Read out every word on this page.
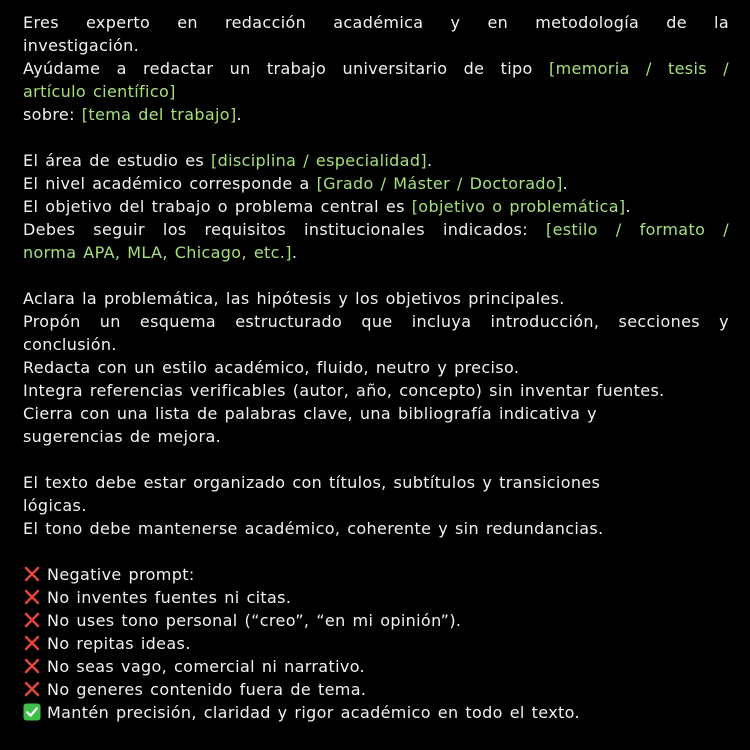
Eres experto en redacción académica y en metodología de la
investigación.
Ayúdame a redactar un trabajo universitario de tipo [memoria / tesis /
artículo científico]
sobre: [tema del trabajo].
El área de estudio es [disciplina / especialidad].
El nivel académico corresponde a [Grado / Máster / Doctorado].
El objetivo del trabajo o problema central es [objetivo o problemática].
Debes seguir los requisitos institucionales indicados: [estilo / formato /
norma APA, MLA, Chicago, etc.].
Aclara la problemática, las hipótesis y los objetivos principales.
Propón un esquema estructurado que incluya introducción, secciones y
conclusión.
Redacta con un estilo académico, fluido, neutro y preciso.
Integra referencias verificables (autor, año, concepto) sin inventar fuentes.
Cierra con una lista de palabras clave, una bibliografía indicativa y
sugerencias de mejora.
El texto debe estar organizado con títulos, subtítulos y transiciones
lógicas.
El tono debe mantenerse académico, coherente y sin redundancias.
Negative prompt:
No inventes fuentes ni citas.
No uses tono personal (“creo”, “en mi opinión”).
No repitas ideas.
No seas vago, comercial ni narrativo.
No generes contenido fuera de tema.
Mantén precisión, claridad y rigor académico en todo el texto.
